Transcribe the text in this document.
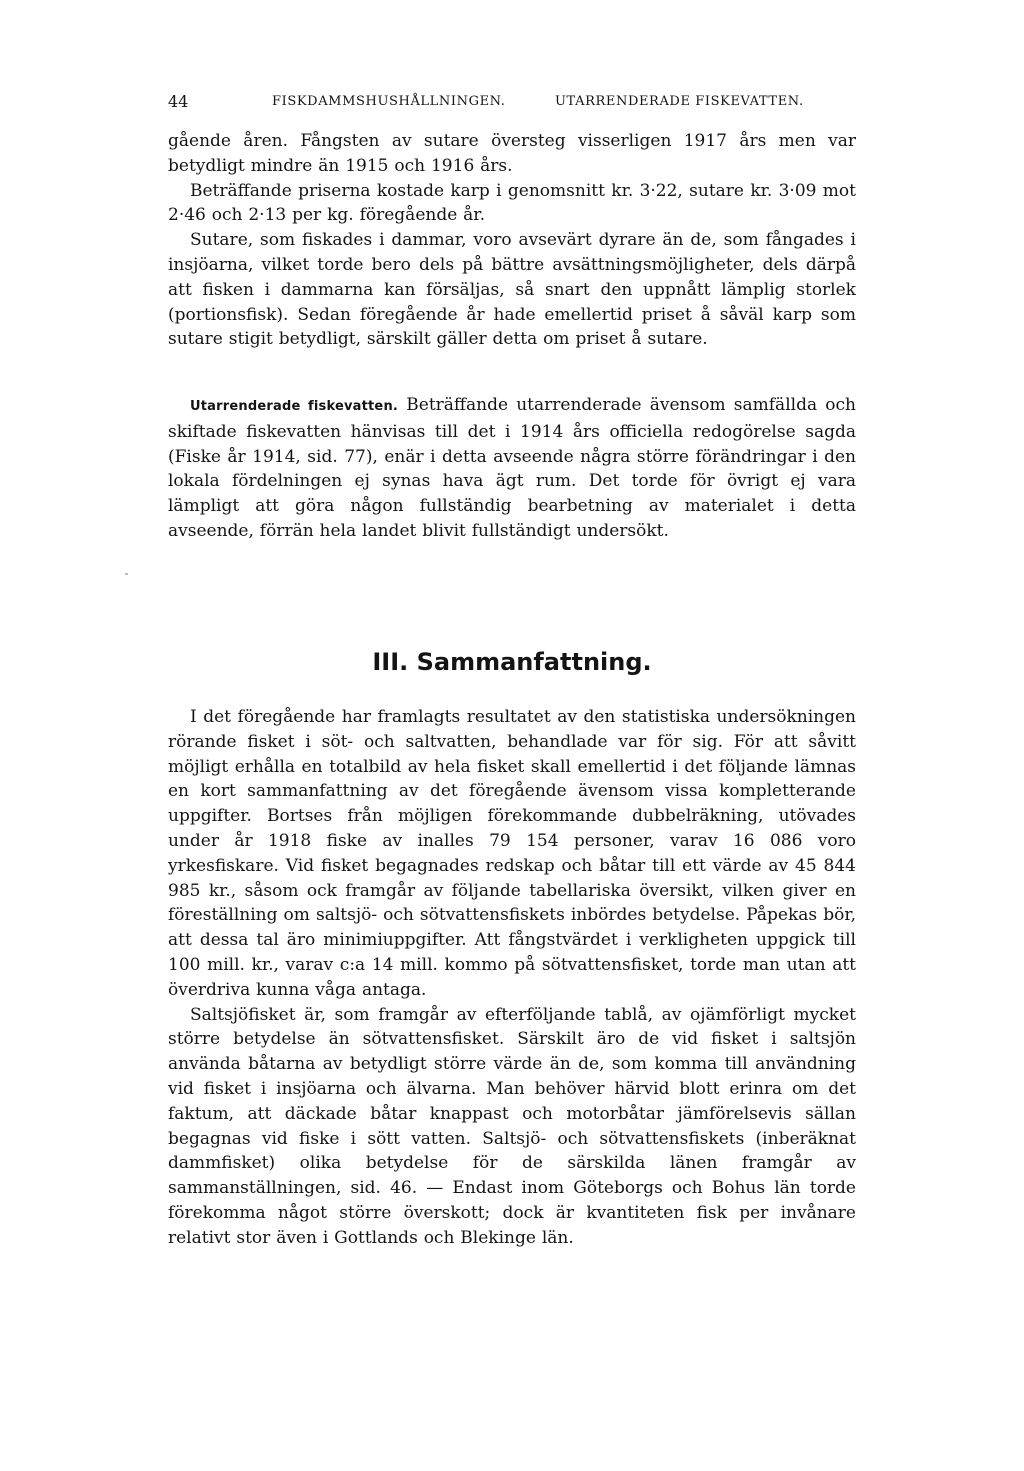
44	FISKDAMMSHUSHÅLLNINGEN.	UTARRENDERADE FISKEVATTEN.

gående åren. Fångsten av sutare översteg visserligen 1917 års men var betydligt mindre än 1915 och 1916 års.

Beträffande priserna kostade karp i genomsnitt kr. 3·22, sutare kr. 3·09 mot 2·46 och 2·13 per kg. föregående år.

Sutare, som fiskades i dammar, voro avsevärt dyrare än de, som fångades i insjöarna, vilket torde bero dels på bättre avsättningsmöjligheter, dels därpå att fisken i dammarna kan försäljas, så snart den uppnått lämplig storlek (portionsfisk). Sedan föregående år hade emellertid priset å såväl karp som sutare stigit betydligt, särskilt gäller detta om priset å sutare.

Utarrenderade fiskevatten. Beträffande utarrenderade ävensom samfällda och skiftade fiskevatten hänvisas till det i 1914 års officiella redogörelse sagda (Fiske år 1914, sid. 77), enär i detta avseende några större förändringar i den lokala fördelningen ej synas hava ägt rum. Det torde för övrigt ej vara lämpligt att göra någon fullständig bearbetning av materialet i detta avseende, förrän hela landet blivit fullständigt undersökt.

III. Sammanfattning.

I det föregående har framlagts resultatet av den statistiska undersökningen rörande fisket i söt- och saltvatten, behandlade var för sig. För att såvitt möjligt erhålla en totalbild av hela fisket skall emellertid i det följande lämnas en kort sammanfattning av det föregående ävensom vissa kompletterande uppgifter. Bortses från möjligen förekommande dubbelräkning, utövades under år 1918 fiske av inalles 79 154 personer, varav 16 086 voro yrkesfiskare. Vid fisket begagnades redskap och båtar till ett värde av 45 844 985 kr., såsom ock framgår av följande tabellariska översikt, vilken giver en föreställning om saltsjö- och sötvattensfiskets inbördes betydelse. Påpekas bör, att dessa tal äro minimiuppgifter. Att fångstvärdet i verkligheten uppgick till 100 mill. kr., varav c:a 14 mill. kommo på sötvattensfisket, torde man utan att överdriva kunna våga antaga.

Saltsjöfisket är, som framgår av efterföljande tablå, av ojämförligt mycket större betydelse än sötvattensfisket. Särskilt äro de vid fisket i saltsjön använda båtarna av betydligt större värde än de, som komma till användning vid fisket i insjöarna och älvarna. Man behöver härvid blott erinra om det faktum, att däckade båtar knappast och motorbåtar jämförelsevis sällan begagnas vid fiske i sött vatten. Saltsjö- och sötvattensfiskets (inberäknat dammfisket) olika betydelse för de särskilda länen framgår av sammanställningen, sid. 46. — Endast inom Göteborgs och Bohus län torde förekomma något större överskott; dock är kvantiteten fisk per invånare relativt stor även i Gottlands och Blekinge län.
